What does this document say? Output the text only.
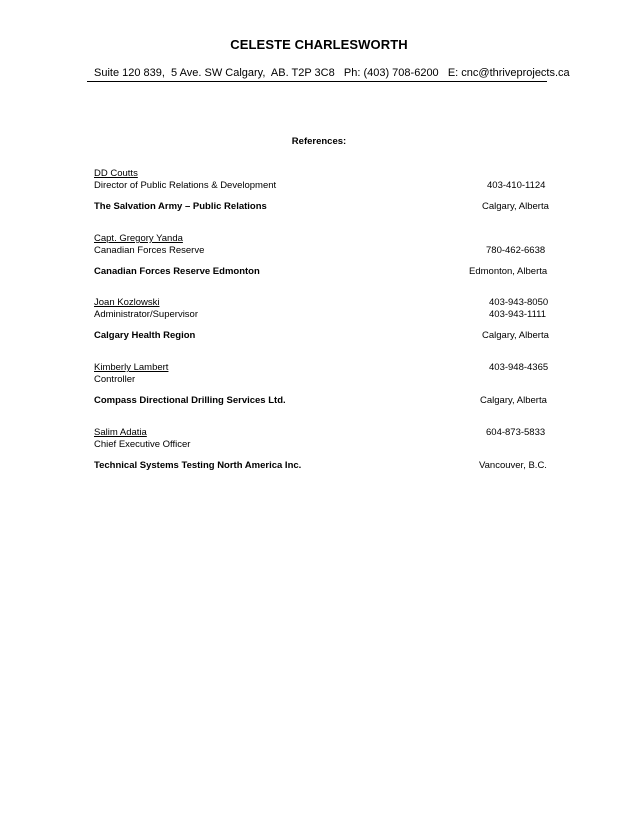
CELESTE CHARLESWORTH
Suite 120 839,  5 Ave. SW Calgary,  AB. T2P 3C8   Ph: (403) 708-6200   E: cnc@thriveprojects.ca
References:
DD Coutts
Director of Public Relations & Development	403-410-1124
The Salvation Army – Public Relations	Calgary, Alberta
Capt. Gregory Yanda
Canadian Forces Reserve	780-462-6638
Canadian Forces Reserve Edmonton	Edmonton, Alberta
Joan Kozlowski	403-943-8050
Administrator/Supervisor	403-943-1111
Calgary Health Region	Calgary, Alberta
Kimberly Lambert	403-948-4365
Controller
Compass Directional Drilling Services Ltd.	Calgary, Alberta
Salim Adatia	604-873-5833
Chief Executive Officer
Technical Systems Testing North America Inc.	Vancouver, B.C.
